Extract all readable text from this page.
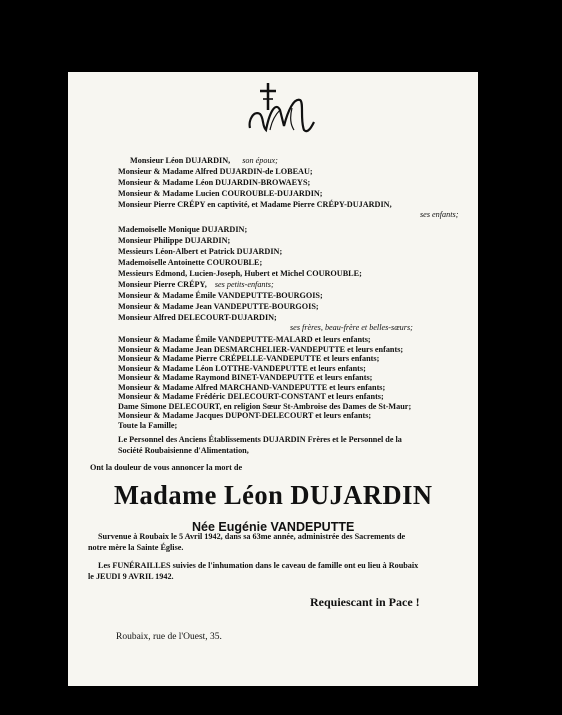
Monsieur Léon DUJARDIN, son époux;
Monsieur & Madame Alfred DUJARDIN-de LOBEAU;
Monsieur & Madame Léon DUJARDIN-BROWAEYS;
Monsieur & Madame Lucien COUROUBLE-DUJARDIN;
Monsieur Pierre CRÉPY en captivité, et Madame Pierre CRÉPY-DUJARDIN,
ses enfants;
Mademoiselle Monique DUJARDIN;
Monsieur Philippe DUJARDIN;
Messieurs Léon-Albert et Patrick DUJARDIN;
Mademoiselle Antoinette COUROUBLE;
Messieurs Edmond, Lucien-Joseph, Hubert et Michel COUROUBLE;
Monsieur Pierre CRÉPY, ses petits-enfants;
Monsieur & Madame Émile VANDEPUTTE-BOURGOIS;
Monsieur & Madame Jean VANDEPUTTE-BOURGOIS;
Monsieur Alfred DELECOURT-DUJARDIN;
ses frères, beau-frère et belles-sœurs;
Monsieur & Madame Émile VANDEPUTTE-MALARD et leurs enfants;
Monsieur & Madame Jean DESMARCHELIER-VANDEPUTTE et leurs enfants;
Monsieur & Madame Pierre CRÉPELLE-VANDEPUTTE et leurs enfants;
Monsieur & Madame Léon LOTTHE-VANDEPUTTE et leurs enfants;
Monsieur & Madame Raymond BINET-VANDEPUTTE et leurs enfants;
Monsieur & Madame Alfred MARCHAND-VANDEPUTTE et leurs enfants;
Monsieur & Madame Frédéric DELECOURT-CONSTANT et leurs enfants;
Dame Simone DELECOURT, en religion Sœur St-Ambroise des Dames de St-Maur;
Monsieur & Madame Jacques DUPONT-DELECOURT et leurs enfants;
Toute la Famille;
Le Personnel des Anciens Établissements DUJARDIN Frères et le Personnel de la
Société Roubaisienne d'Alimentation,
Ont la douleur de vous annoncer la mort de
Madame Léon DUJARDIN
Née Eugénie VANDEPUTTE
Survenue à Roubaix le 5 Avril 1942, dans sa 63me année, administrée des Sacrements de
notre mère la Sainte Église.
Les FUNÉRAILLES suivies de l'inhumation dans le caveau de famille ont eu lieu à Roubaix
le JEUDI 9 AVRIL 1942.
Requiescant in Pace !
Roubaix, rue de l'Ouest, 35.
